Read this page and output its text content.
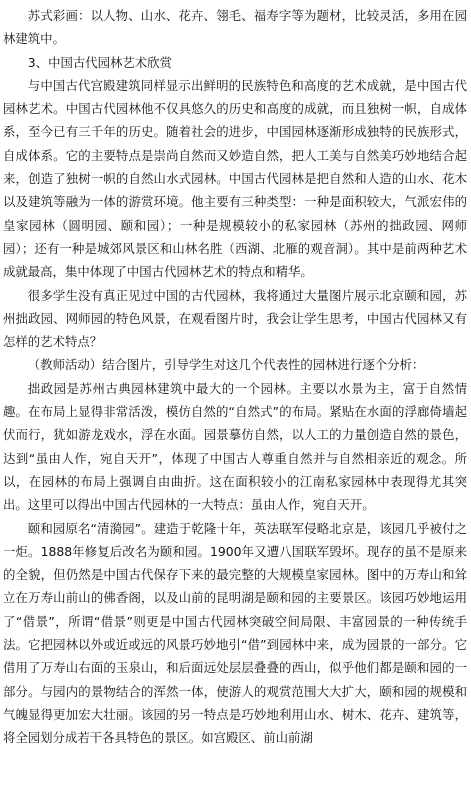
苏式彩画：以人物、山水、花卉、翎毛、福寿字等为题材，比较灵活，多用在园林建筑中。

3、中国古代园林艺术欣赏

与中国古代宫殿建筑同样显示出鲜明的民族特色和高度的艺术成就，是中国古代园林艺术。中国古代园林他不仅具悠久的历史和高度的成就，而且独树一帜，自成体系，至今已有三千年的历史。随着社会的进步，中国园林逐渐形成独特的民族形式，自成体系。它的主要特点是崇尚自然而又妙造自然，把人工美与自然美巧妙地结合起来，创造了独树一帜的自然山水式园林。中国古代园林是把自然和人造的山水、花木以及建筑等融为一体的游赏环境。他主要有三种类型：一种是面积较大，气派宏伟的皇家园林（圆明园、颐和园）；一种是规模较小的私家园林（苏州的拙政园、网师园）；还有一种是城郊风景区和山林名胜（西湖、北雁的观音洞）。其中是前两种艺术成就最高，集中体现了中国古代园林艺术的特点和精华。

很多学生没有真正见过中国的古代园林，我将通过大量图片展示北京颐和园，苏州拙政园、网师园的特色风景，在观看图片时，我会让学生思考，中国古代园林又有怎样的艺术特点？

（教师活动）结合图片，引导学生对这几个代表性的园林进行逐个分析：

拙政园是苏州古典园林建筑中最大的一个园林。主要以水景为主，富于自然情趣。在布局上显得非常活泼，模仿自然的“自然式”的布局。紧贴在水面的浮廊倚墙起伏而行，犹如游龙戏水，浮在水面。园景摹仿自然，以人工的力量创造自然的景色，达到“虽由人作，宛自天开”，体现了中国古人尊重自然并与自然相亲近的观念。所以，在园林的布局上强调自由曲折。这在面积较小的江南私家园林中表现得尤其突出。这里可以得出中国古代园林的一大特点：虽由人作，宛自天开。

颐和园原名“清漪园”。建造于乾隆十年，英法联军侵略北京是，该园几乎被付之一炬。1888年修复后改名为颐和园。1900年又遭八国联军毁坏。现存的虽不是原来的全貌，但仍然是中国古代保存下来的最完整的大规模皇家园林。图中的万寿山和耸立在万寿山前山的佛香阁，以及山前的昆明湖是颐和园的主要景区。该园巧妙地运用了“借景”，所谓“借景”则更是中国古代园林突破空间局限、丰富园景的一种传统手法。它把园林以外或近或远的风景巧妙地引“借”到园林中来，成为园景的一部分。它借用了万寿山右面的玉泉山，和后面远处层层叠叠的西山，似乎他们都是颐和园的一部分。与园内的景物结合的浑然一体，使游人的观赏范围大大扩大，颐和园的规模和气魄显得更加宏大壮丽。该园的另一特点是巧妙地利用山水、树木、花卉、建筑等，将全园划分成若干各具特色的景区。如宫殿区、前山前湖
